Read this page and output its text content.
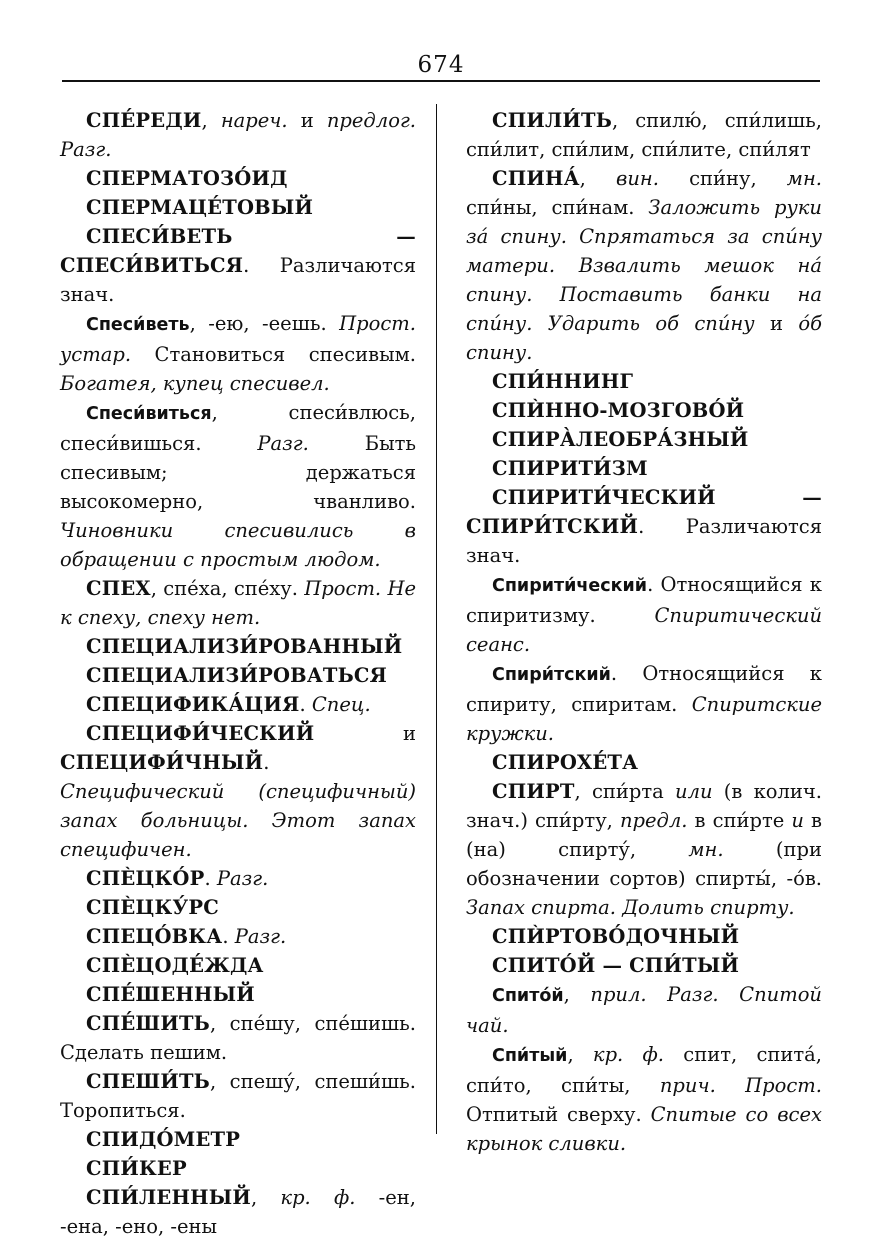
674
СПЕ́РЕДИ, нареч. и предлог. Разг.
СПЕРМАТОЗО́ИД
СПЕРМАЦЕ́ТОВЫЙ
СПЕСИ́ВЕТЬ — СПЕСИ́ВИТЬСЯ. Различаются знач.
Спеси́веть, -ею, -еешь. Прост. устар. Становиться спесивым. Богатея, купец спесивел.
Спеси́виться, спеси́влюсь, спеси́вишься. Разг. Быть спесивым; держаться высокомерно, чванливо. Чиновники спесивились в обращении с простым людом.
СПЕХ, спе́ха, спе́ху. Прост. Не к спеху, спеху нет.
СПЕЦИАЛИЗИ́РОВАННЫЙ
СПЕЦИАЛИЗИ́РОВАТЬСЯ
СПЕЦИФИКА́ЦИЯ. Спец.
СПЕЦИФИ́ЧЕСКИЙ и СПЕЦИФИ́ЧНЫЙ. Специфический (специфичный) запах больницы. Этот запах специфичен.
СПЀЦКО́Р. Разг.
СПЀЦКУ́РС
СПЕЦО́ВКА. Разг.
СПЀЦОДЕ́ЖДА
СПЕ́ШЕННЫЙ
СПЕ́ШИТЬ, спе́шу, спе́шишь. Сделать пешим.
СПЕШИ́ТЬ, спешу́, спеши́шь. Торопиться.
СПИДО́МЕТР
СПИ́КЕР
СПИ́ЛЕННЫЙ, кр. ф. -ен, -ена, -ено, -ены
СПИЛИ́ТЬ, спилю́, спи́лишь, спи́лит, спи́лим, спи́лите, спи́лят
СПИНА́, вин. спи́ну, мн. спи́ны, спи́нам. Заложить руки за́ спину. Спрятаться за спи́ну матери. Взвалить мешок на́ спину. Поставить банки на спи́ну. Ударить об спи́ну и о́б спину.
СПИ́ННИНГ
СПЍННО-МОЗГОВО́Й
СПИРА̀ЛЕОБРА́ЗНЫЙ
СПИРИТИ́ЗМ
СПИРИТИ́ЧЕСКИЙ — СПИРИ́ТСКИЙ. Различаются знач.
Спирити́ческий. Относящийся к спиритизму. Спиритический сеанс.
Спири́тский. Относящийся к спириту, спиритам. Спиритские кружки.
СПИРОХЕ́ТА
СПИРТ, спи́рта или (в колич. знач.) спи́рту, предл. в спи́рте и в (на) спирту́, мн. (при обозначении сортов) спирты́, -о́в. Запах спирта. Долить спирту.
СПЍРТОВО́ДОЧНЫЙ
СПИТО́Й — СПИ́ТЫЙ
Спито́й, прил. Разг. Спитой чай.
Спи́тый, кр. ф. спит, спита́, спи́то, спи́ты, прич. Прост. Отпитый сверху. Спитые со всех крынок сливки.
